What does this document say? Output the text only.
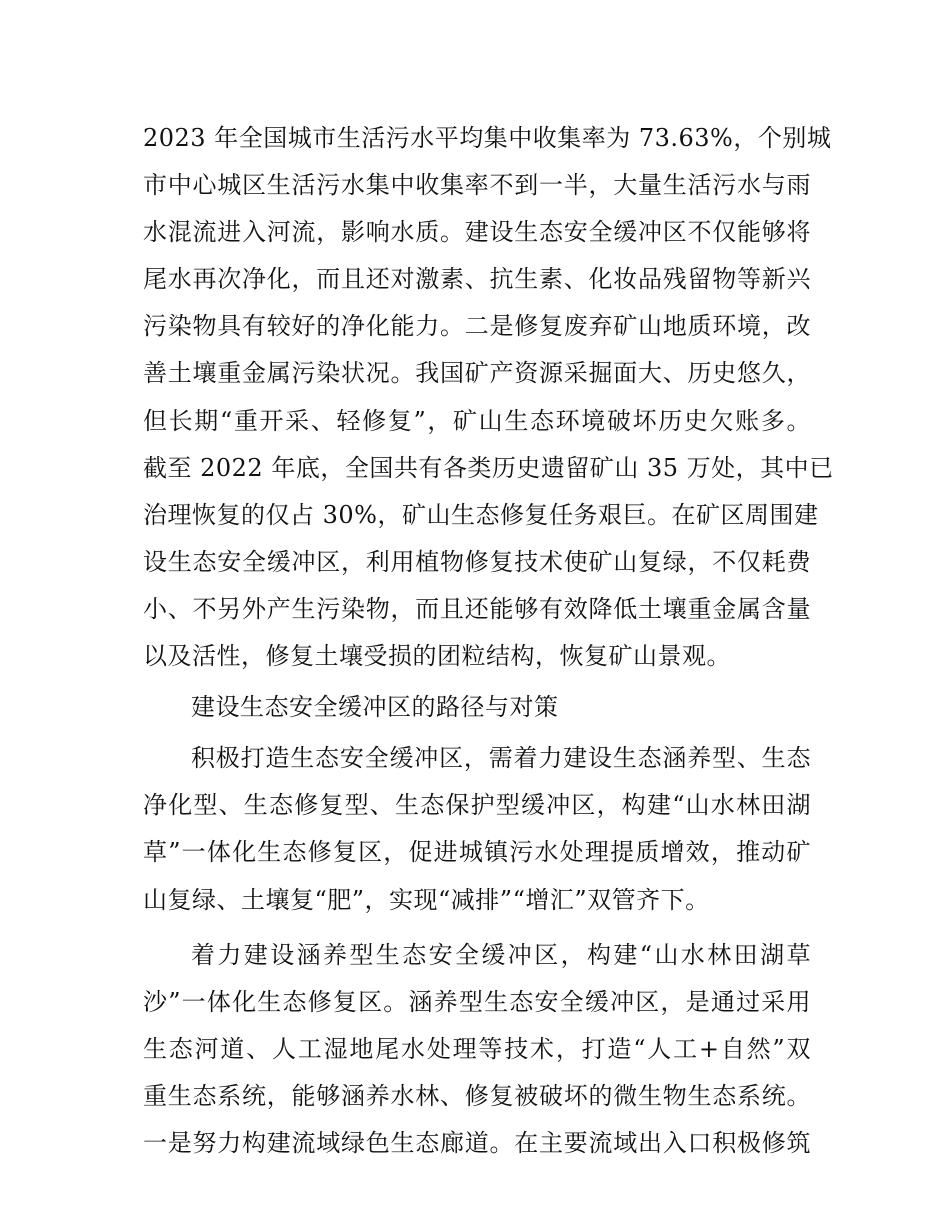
2023 年全国城市生活污水平均集中收集率为 73.63%，个别城
市中心城区生活污水集中收集率不到一半，大量生活污水与雨
水混流进入河流，影响水质。建设生态安全缓冲区不仅能够将
尾水再次净化，而且还对激素、抗生素、化妆品残留物等新兴
污染物具有较好的净化能力。二是修复废弃矿山地质环境，改
善土壤重金属污染状况。我国矿产资源采掘面大、历史悠久，
但长期“重开采、轻修复”，矿山生态环境破坏历史欠账多。
截至 2022 年底，全国共有各类历史遗留矿山 35 万处，其中已
治理恢复的仅占 30%，矿山生态修复任务艰巨。在矿区周围建
设生态安全缓冲区，利用植物修复技术使矿山复绿，不仅耗费
小、不另外产生污染物，而且还能够有效降低土壤重金属含量
以及活性，修复土壤受损的团粒结构，恢复矿山景观。
建设生态安全缓冲区的路径与对策
积极打造生态安全缓冲区，需着力建设生态涵养型、生态
净化型、生态修复型、生态保护型缓冲区，构建“山水林田湖
草”一体化生态修复区，促进城镇污水处理提质增效，推动矿
山复绿、土壤复“肥”，实现“减排”“增汇”双管齐下。
着力建设涵养型生态安全缓冲区，构建“山水林田湖草
沙”一体化生态修复区。涵养型生态安全缓冲区，是通过采用
生态河道、人工湿地尾水处理等技术，打造“人工+自然”双
重生态系统，能够涵养水林、修复被破坏的微生物生态系统。
一是努力构建流域绿色生态廊道。在主要流域出入口积极修筑
